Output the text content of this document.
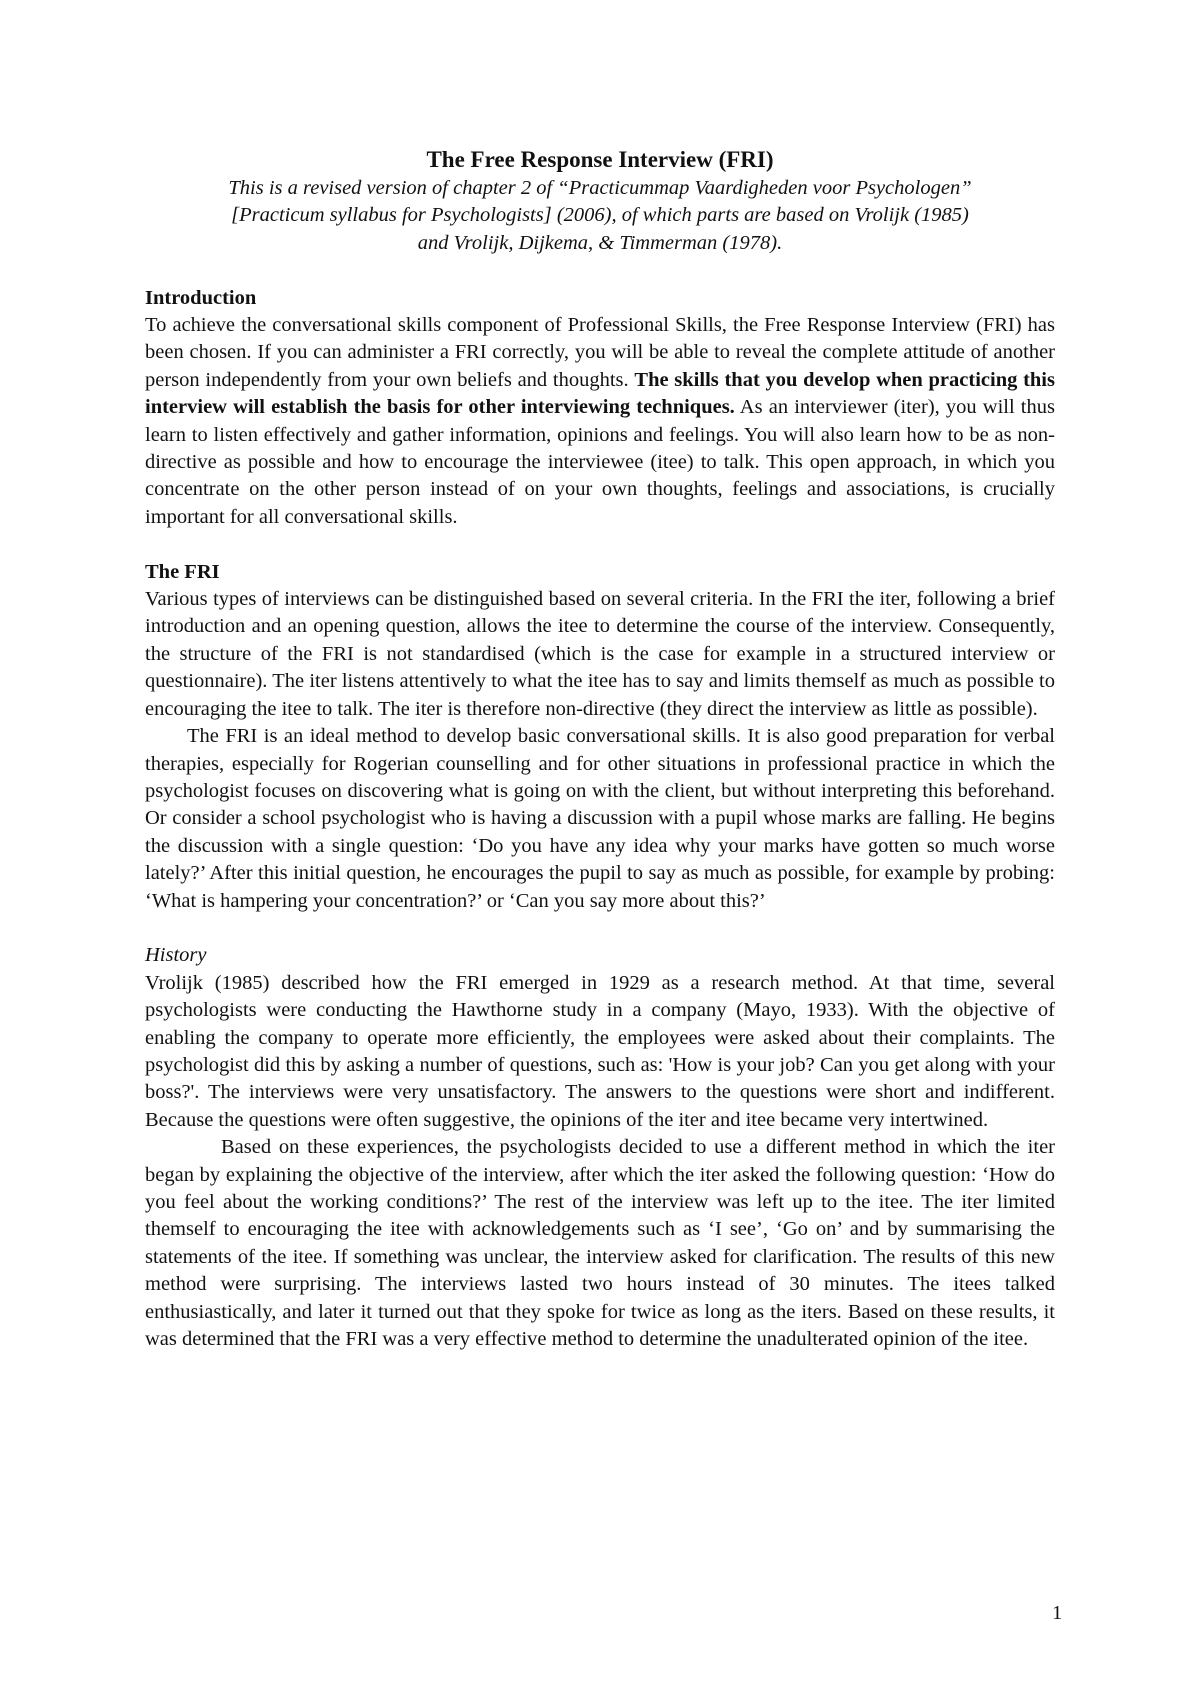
The Free Response Interview (FRI)
This is a revised version of chapter 2 of “Practicummap Vaardigheden voor Psychologen”
[Practicum syllabus for Psychologists] (2006), of which parts are based on Vrolijk (1985)
and Vrolijk, Dijkema, & Timmerman (1978).
Introduction

To achieve the conversational skills component of Professional Skills, the Free Response Interview (FRI) has been chosen. If you can administer a FRI correctly, you will be able to reveal the complete attitude of another person independently from your own beliefs and thoughts. The skills that you develop when practicing this interview will establish the basis for other interviewing techniques. As an interviewer (iter), you will thus learn to listen effectively and gather information, opinions and feelings. You will also learn how to be as non-directive as possible and how to encourage the interviewee (itee) to talk. This open approach, in which you concentrate on the other person instead of on your own thoughts, feelings and associations, is crucially important for all conversational skills.

The FRI

Various types of interviews can be distinguished based on several criteria. In the FRI the iter, following a brief introduction and an opening question, allows the itee to determine the course of the interview. Consequently, the structure of the FRI is not standardised (which is the case for example in a structured interview or questionnaire). The iter listens attentively to what the itee has to say and limits themself as much as possible to encouraging the itee to talk. The iter is therefore non-directive (they direct the interview as little as possible).

The FRI is an ideal method to develop basic conversational skills. It is also good preparation for verbal therapies, especially for Rogerian counselling and for other situations in professional practice in which the psychologist focuses on discovering what is going on with the client, but without interpreting this beforehand. Or consider a school psychologist who is having a discussion with a pupil whose marks are falling. He begins the discussion with a single question: ‘Do you have any idea why your marks have gotten so much worse lately?’ After this initial question, he encourages the pupil to say as much as possible, for example by probing: ‘What is hampering your concentration?’ or ‘Can you say more about this?’

History

Vrolijk (1985) described how the FRI emerged in 1929 as a research method. At that time, several psychologists were conducting the Hawthorne study in a company (Mayo, 1933). With the objective of enabling the company to operate more efficiently, the employees were asked about their complaints. The psychologist did this by asking a number of questions, such as: 'How is your job? Can you get along with your boss?'. The interviews were very unsatisfactory. The answers to the questions were short and indifferent. Because the questions were often suggestive, the opinions of the iter and itee became very intertwined.

Based on these experiences, the psychologists decided to use a different method in which the iter began by explaining the objective of the interview, after which the iter asked the following question: ‘How do you feel about the working conditions?’ The rest of the interview was left up to the itee. The iter limited themself to encouraging the itee with acknowledgements such as ‘I see’, ‘Go on’ and by summarising the statements of the itee. If something was unclear, the interview asked for clarification. The results of this new method were surprising. The interviews lasted two hours instead of 30 minutes. The itees talked enthusiastically, and later it turned out that they spoke for twice as long as the iters. Based on these results, it was determined that the FRI was a very effective method to determine the unadulterated opinion of the itee.

1
